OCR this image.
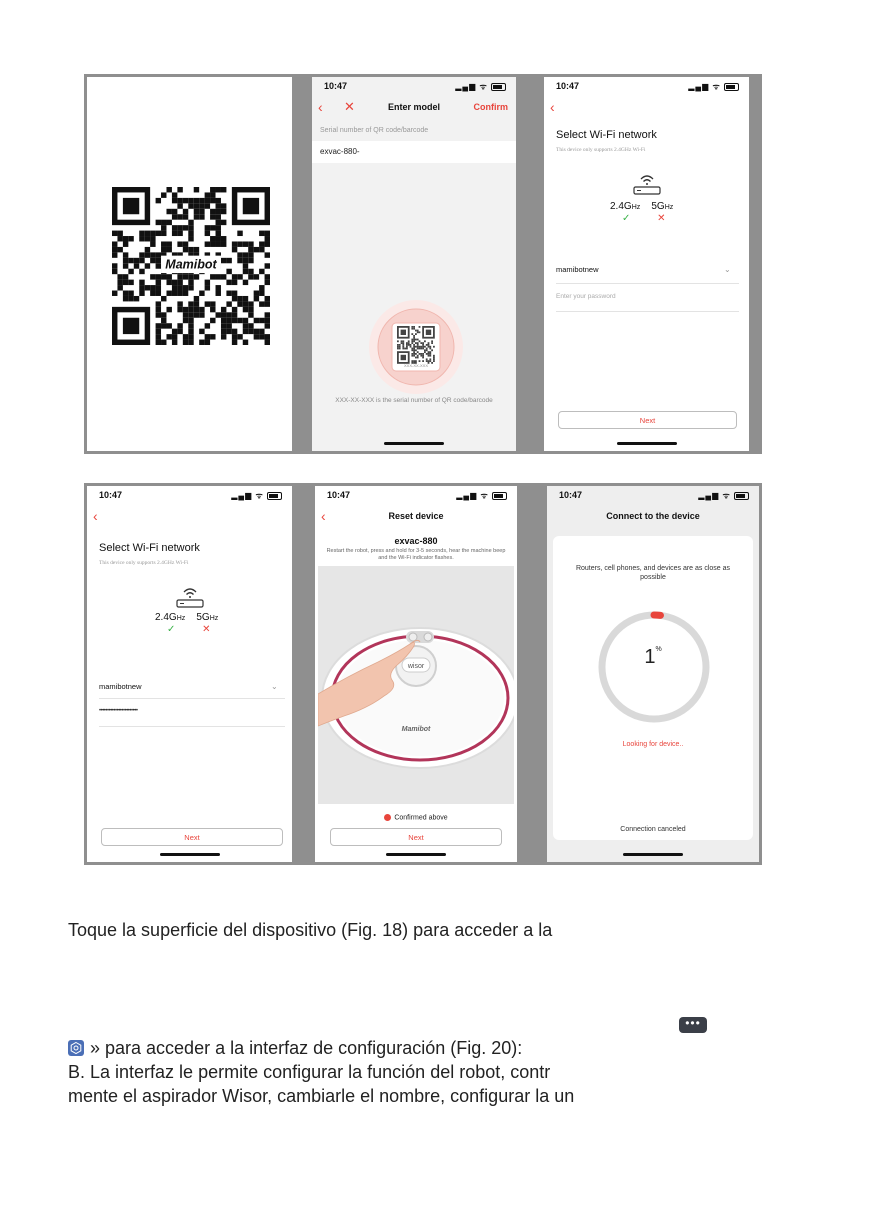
Mamibot
10:47	▂▄▆ ᯤ
‹ ✕	Enter model	Confirm
Serial number of QR code/barcode
exvac-880-
XXX-XX-XXX
XXX-XX-XXX is the serial number of QR code/barcode
10:47	▂▄▆ ᯤ
‹
Select Wi-Fi network
This device only supports 2.4GHz Wi-Fi
2.4GHz 5GHz
✓	✕
mamibotnew	⌄
Enter your password
Next
10:47	▂▄▆ ᯤ
‹
Select Wi-Fi network
This device only supports 2.4GHz Wi-Fi
2.4GHz 5GHz
✓	✕
mamibotnew	⌄
••••••••••••••••••••••••
Next
10:47	▂▄▆ ᯤ
‹	Reset device
exvac-880
Restart the robot, press and hold for 3-5 seconds, hear the machine beep and the Wi-Fi indicator flashes.
wisor
Mamibot
Confirmed above
Next
10:47	▂▄▆ ᯤ
Connect to the device
Routers, cell phones, and devices are as close as possible
1%
Looking for device..
Connection canceled
Toque la superficie del dispositivo (Fig. 18) para acceder a la
•••
» para acceder a la interfaz de configuración (Fig. 20):
B. La interfaz le permite configurar la función del robot, contr
mente el aspirador Wisor, cambiarle el nombre, configurar la un
